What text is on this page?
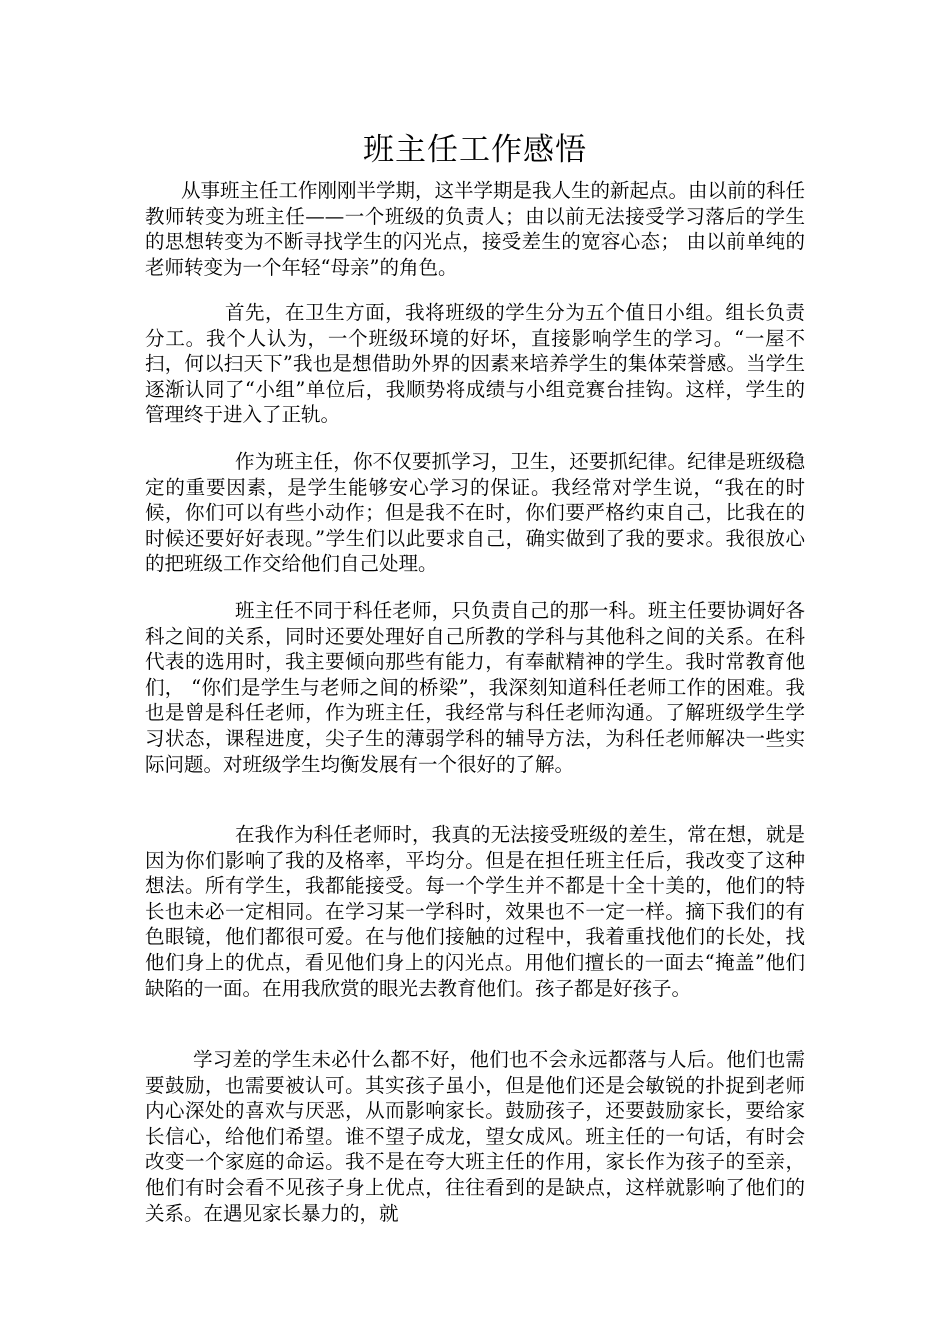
班主任工作感悟

从事班主任工作刚刚半学期，这半学期是我人生的新起点。由以前的科任教师转变为班主任——一个班级的负责人；由以前无法接受学习落后的学生的思想转变为不断寻找学生的闪光点，接受差生的宽容心态； 由以前单纯的老师转变为一个年轻“母亲”的角色。

首先，在卫生方面，我将班级的学生分为五个值日小组。组长负责分工。我个人认为，一个班级环境的好坏，直接影响学生的学习。“一屋不扫，何以扫天下”我也是想借助外界的因素来培养学生的集体荣誉感。当学生逐渐认同了“小组”单位后，我顺势将成绩与小组竞赛台挂钩。这样，学生的管理终于进入了正轨。

作为班主任，你不仅要抓学习，卫生，还要抓纪律。纪律是班级稳定的重要因素，是学生能够安心学习的保证。我经常对学生说，“我在的时候，你们可以有些小动作；但是我不在时，你们要严格约束自己，比我在的时候还要好好表现。”学生们以此要求自己，确实做到了我的要求。我很放心的把班级工作交给他们自己处理。

班主任不同于科任老师，只负责自己的那一科。班主任要协调好各科之间的关系，同时还要处理好自己所教的学科与其他科之间的关系。在科代表的选用时，我主要倾向那些有能力，有奉献精神的学生。我时常教育他们， “你们是学生与老师之间的桥梁”，我深刻知道科任老师工作的困难。我也是曾是科任老师，作为班主任，我经常与科任老师沟通。了解班级学生学习状态，课程进度，尖子生的薄弱学科的辅导方法，为科任老师解决一些实际问题。对班级学生均衡发展有一个很好的了解。

在我作为科任老师时，我真的无法接受班级的差生，常在想，就是因为你们影响了我的及格率，平均分。但是在担任班主任后，我改变了这种想法。所有学生，我都能接受。每一个学生并不都是十全十美的，他们的特长也未必一定相同。在学习某一学科时，效果也不一定一样。摘下我们的有色眼镜，他们都很可爱。在与他们接触的过程中，我着重找他们的长处，找他们身上的优点，看见他们身上的闪光点。用他们擅长的一面去“掩盖”他们缺陷的一面。在用我欣赏的眼光去教育他们。孩子都是好孩子。

学习差的学生未必什么都不好，他们也不会永远都落与人后。他们也需要鼓励，也需要被认可。其实孩子虽小，但是他们还是会敏锐的扑捉到老师内心深处的喜欢与厌恶，从而影响家长。鼓励孩子，还要鼓励家长，要给家长信心，给他们希望。谁不望子成龙，望女成风。班主任的一句话，有时会改变一个家庭的命运。我不是在夸大班主任的作用，家长作为孩子的至亲，他们有时会看不见孩子身上优点，往往看到的是缺点，这样就影响了他们的关系。在遇见家长暴力的，就
